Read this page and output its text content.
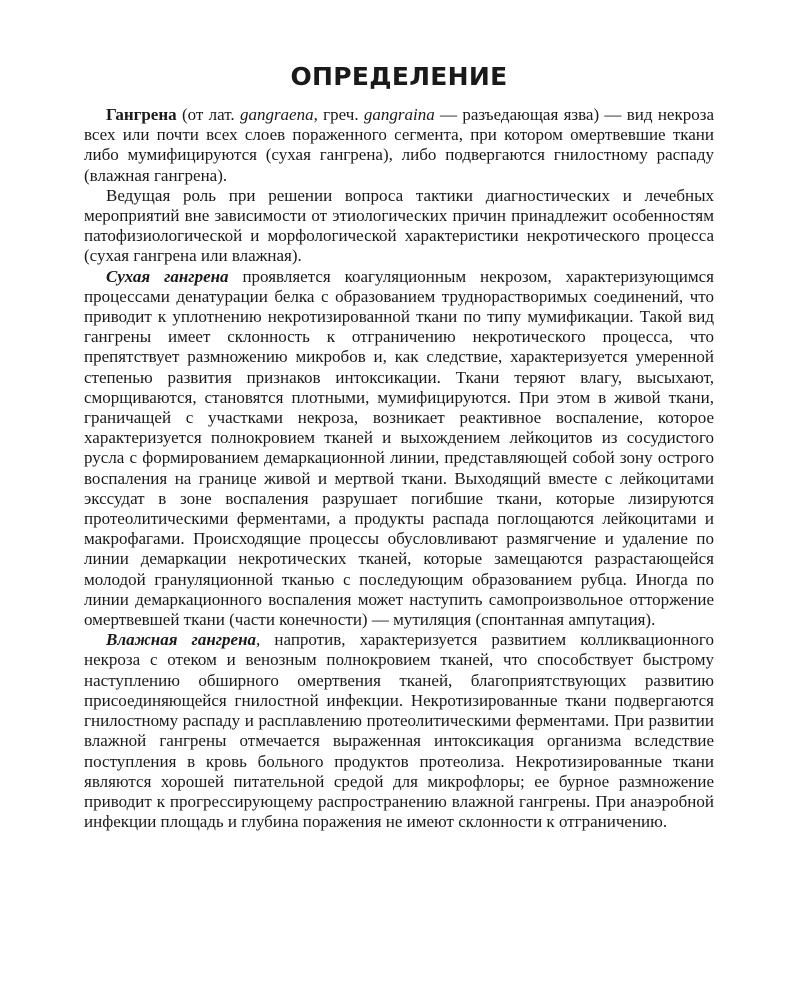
ОПРЕДЕЛЕНИЕ

Гангрена (от лат. gangraena, греч. gangraina — разъедающая язва) — вид некроза всех или почти всех слоев пораженного сегмента, при котором омертвевшие ткани либо мумифицируются (сухая гангрена), либо подвергаются гнилостному распаду (влажная гангрена).

Ведущая роль при решении вопроса тактики диагностических и лечебных мероприятий вне зависимости от этиологических причин принадлежит особенностям патофизиологической и морфологической характеристики некротического процесса (сухая гангрена или влажная).

Сухая гангрена проявляется коагуляционным некрозом, характеризующимся процессами денатурации белка с образованием труднорастворимых соединений, что приводит к уплотнению некротизированной ткани по типу мумификации. Такой вид гангрены имеет склонность к отграничению некротического процесса, что препятствует размножению микробов и, как следствие, характеризуется умеренной степенью развития признаков интоксикации. Ткани теряют влагу, высыхают, сморщиваются, становятся плотными, мумифицируются. При этом в живой ткани, граничащей с участками некроза, возникает реактивное воспаление, которое характеризуется полнокровием тканей и выхождением лейкоцитов из сосудистого русла с формированием демаркационной линии, представляющей собой зону острого воспаления на границе живой и мертвой ткани. Выходящий вместе с лейкоцитами экссудат в зоне воспаления разрушает погибшие ткани, которые лизируются протеолитическими ферментами, а продукты распада поглощаются лейкоцитами и макрофагами. Происходящие процессы обусловливают размягчение и удаление по линии демаркации некротических тканей, которые замещаются разрастающейся молодой грануляционной тканью с последующим образованием рубца. Иногда по линии демаркационного воспаления может наступить самопроизвольное отторжение омертвевшей ткани (части конечности) — мутиляция (спонтанная ампутация).

Влажная гангрена, напротив, характеризуется развитием колликвационного некроза с отеком и венозным полнокровием тканей, что способствует быстрому наступлению обширного омертвения тканей, благоприятствующих развитию присоединяющейся гнилостной инфекции. Некротизированные ткани подвергаются гнилостному распаду и расплавлению протеолитическими ферментами. При развитии влажной гангрены отмечается выраженная интоксикация организма вследствие поступления в кровь больного продуктов протеолиза. Некротизированные ткани являются хорошей питательной средой для микрофлоры; ее бурное размножение приводит к прогрессирующему распространению влажной гангрены. При анаэробной инфекции площадь и глубина поражения не имеют склонности к отграничению.
